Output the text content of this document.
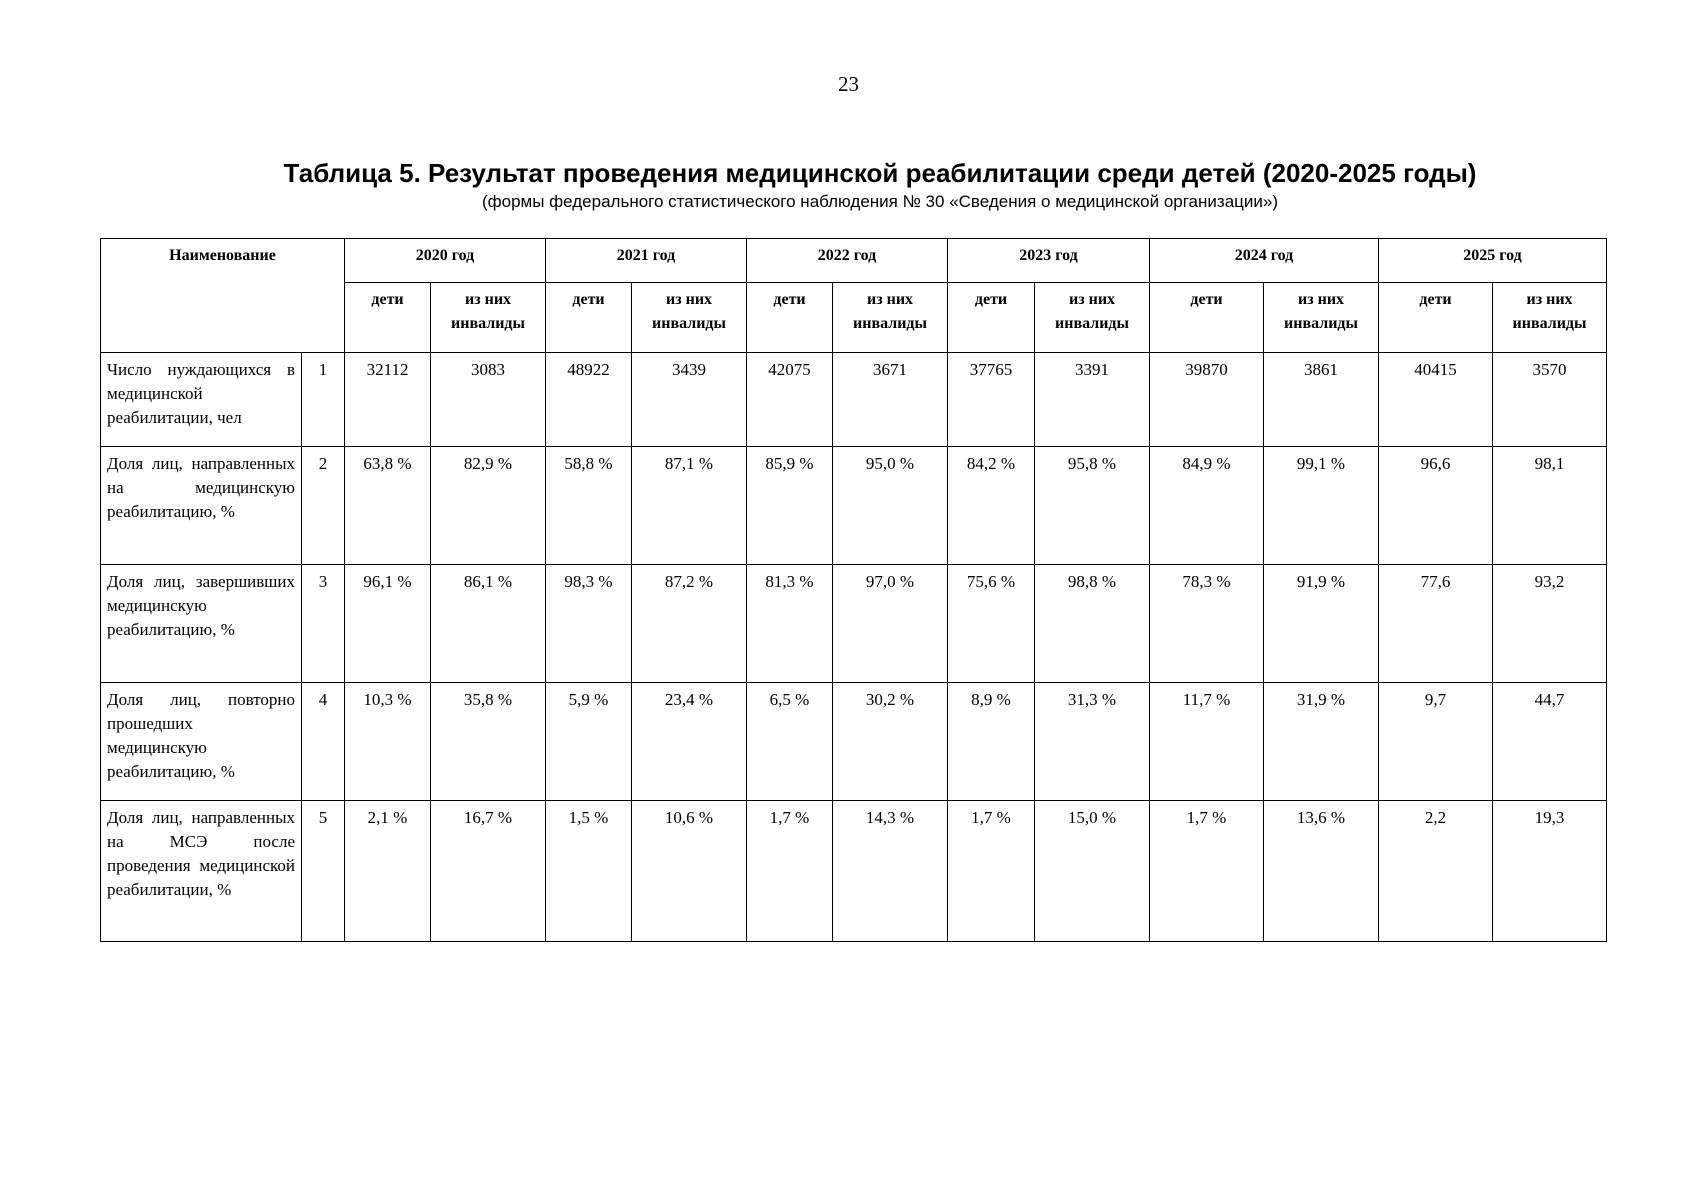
23
Таблица 5. Результат проведения медицинской реабилитации среди детей (2020-2025 годы)
(формы федерального статистического наблюдения № 30 «Сведения о медицинской организации»)
Наименование		2020 год		2021 год		2022 год		2023 год		2024 год		2025 год	
		дети	из них инвалиды	дети	из них инвалиды	дети	из них инвалиды	дети	из них инвалиды	дети	из них инвалиды	дети	из них инвалиды
Число нуждающихся в медицинской реабилитации, чел	1	32112	3083	48922	3439	42075	3671	37765	3391	39870	3861	40415	3570
Доля лиц, направленных на медицинскую реабилитацию, %	2	63,8 %	82,9 %	58,8 %	87,1 %	85,9 %	95,0 %	84,2 %	95,8 %	84,9 %	99,1 %	96,6	98,1
Доля лиц, завершивших медицинскую реабилитацию, %	3	96,1 %	86,1 %	98,3 %	87,2 %	81,3 %	97,0 %	75,6 %	98,8 %	78,3 %	91,9 %	77,6	93,2
Доля лиц, повторно прошедших медицинскую реабилитацию, %	4	10,3 %	35,8 %	5,9 %	23,4 %	6,5 %	30,2 %	8,9 %	31,3 %	11,7 %	31,9 %	9,7	44,7
Доля лиц, направленных на МСЭ после проведения медицинской реабилитации, %	5	2,1 %	16,7 %	1,5 %	10,6 %	1,7 %	14,3 %	1,7 %	15,0 %	1,7 %	13,6 %	2,2	19,3
